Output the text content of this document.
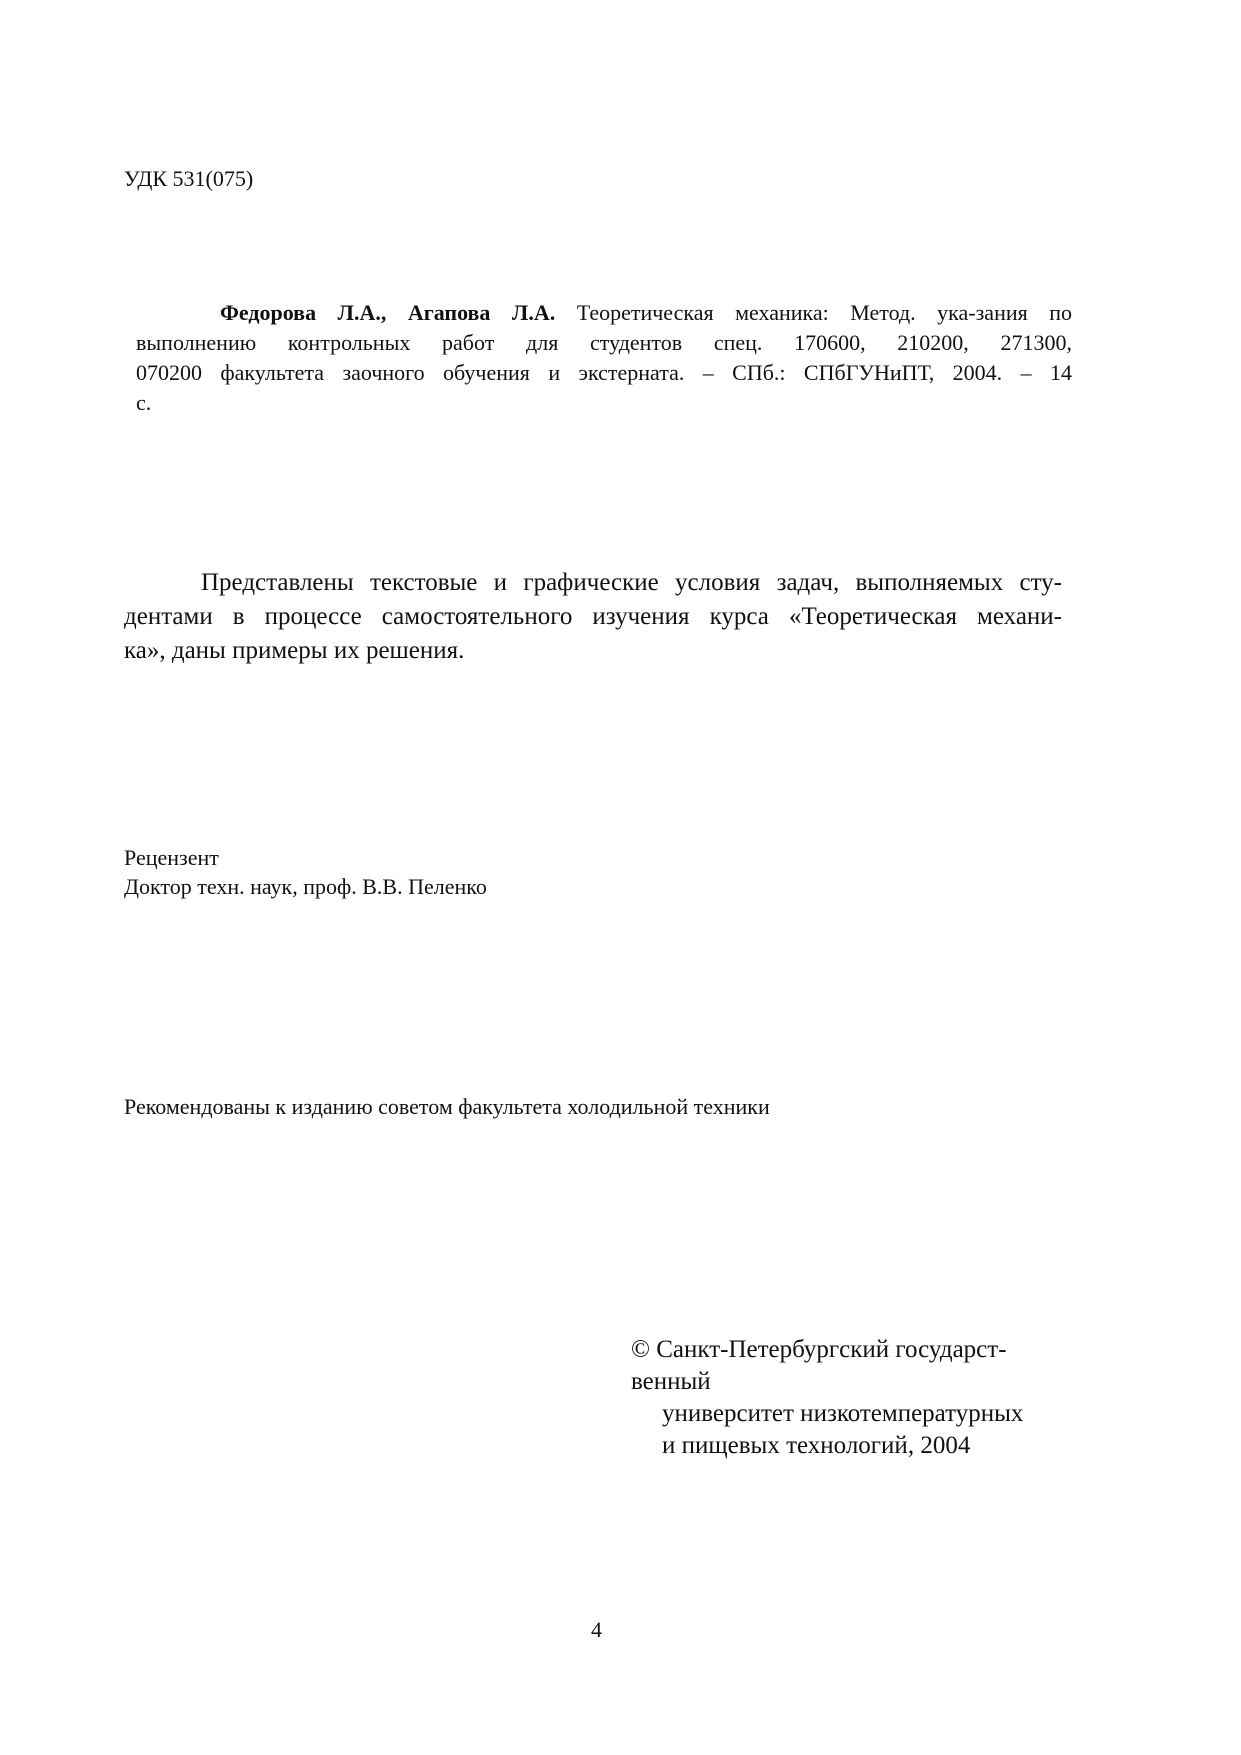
УДК 531(075)
Федорова Л.А., Агапова Л.А. Теоретическая механика: Метод. ука-зания по
выполнению контрольных работ для студентов спец. 170600, 210200, 271300,
070200 факультета заочного обучения и экстерната. – СПб.: СПбГУНиПТ, 2004. – 14
с.
Представлены текстовые и графические условия задач, выполняемых сту-
дентами в процессе самостоятельного изучения курса «Теоретическая механи-
ка», даны примеры их решения.
Рецензент
Доктор техн. наук, проф. В.В. Пеленко
Рекомендованы к изданию советом факультета холодильной техники
© Санкт-Петербургский государст-
венный
университет низкотемпературных
и пищевых технологий, 2004
4
